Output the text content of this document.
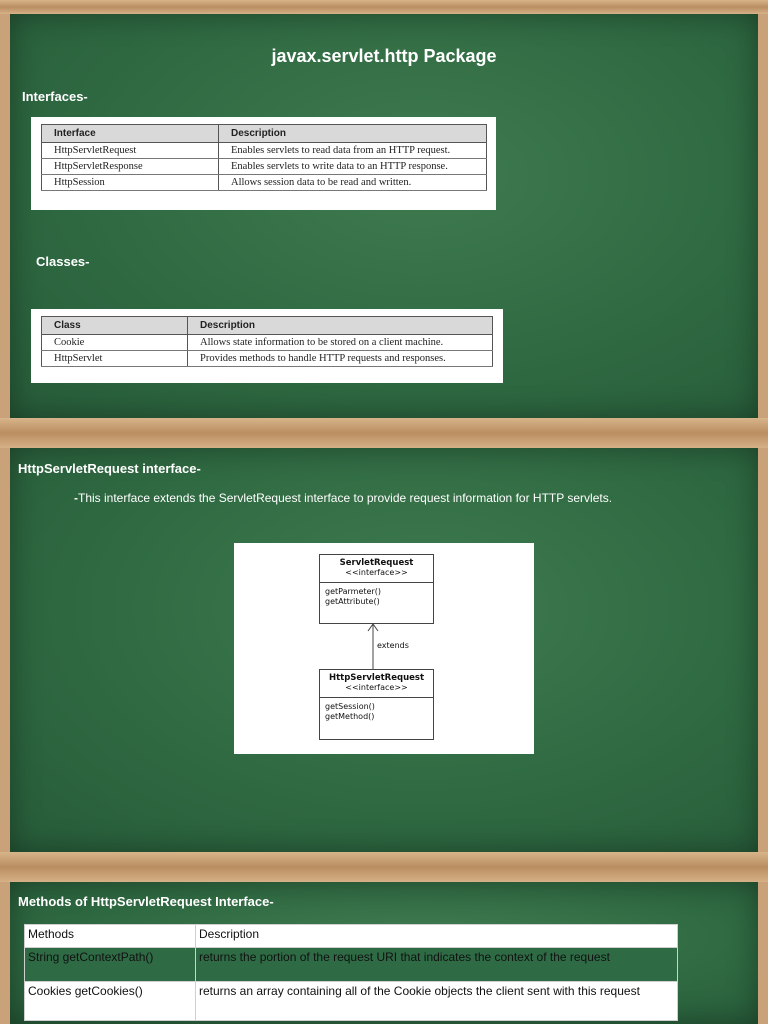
javax.servlet.http Package
Interfaces-
Interface	Description
HttpServletRequest	Enables servlets to read data from an HTTP request.
HttpServletResponse	Enables servlets to write data to an HTTP response.
HttpSession	Allows session data to be read and written.
Classes-
Class	Description
Cookie	Allows state information to be stored on a client machine.
HttpServlet	Provides methods to handle HTTP requests and responses.
HttpServletRequest interface-
-This interface extends the ServletRequest interface to provide request information for HTTP servlets.
ServletRequest
<<interface>>
getParmeter()
getAttribute()
extends
HttpServletRequest
<<interface>>
getSession()
getMethod()
Methods of HttpServletRequest Interface-
Methods	Description
String getContextPath()	returns the portion of the request URI that indicates the context of the request
Cookies getCookies()	returns an array containing all of the Cookie objects the client sent with this request
